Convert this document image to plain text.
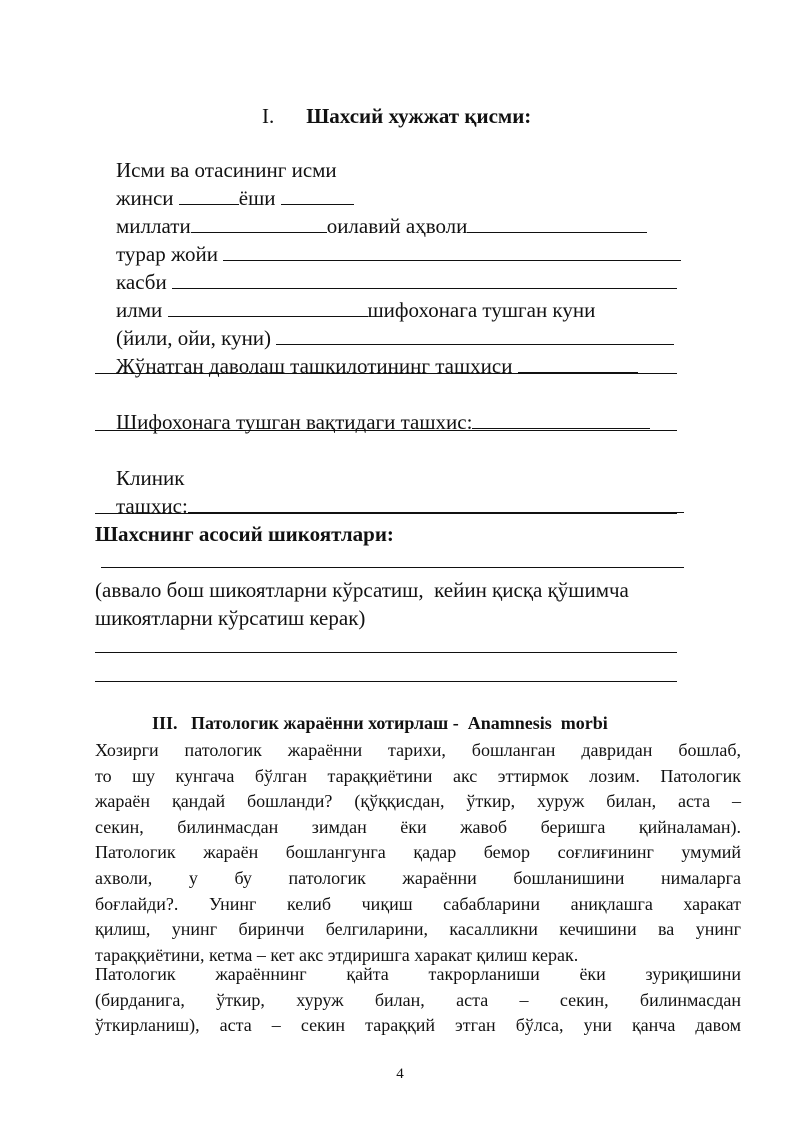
I. Шахсий хужжат қисми:

Исми ва отасининг исми

жинси	ёши

миллати	оилавий аҳволи

турар жойи

касби

илми	шифохонага тушган куни

(йили, ойи, куни)

Жўнатган даволаш ташкилотининг ташхиси

Шифохонага тушган вақтидаги ташхис:

Клиник

ташхис:

Шахснинг асосий шикоятлари:
(аввало бош шикоятларни кўрсатиш,  кейин қисқа қўшимча
шикоятларни кўрсатиш керак)
III.   Патологик жараённи хотирлаш -  Anamnesis  morbi
Хозирги патологик жараённи тарихи, бошланган давридан бошлаб,
то шу кунгача бўлган тараққиётини акс эттирмок лозим. Патологик
жараён қандай бошланди? (қўққисдан, ўткир, хуруж билан, аста –
секин, билинмасдан зимдан ёки жавоб беришга қийналаман).
Патологик жараён бошлангунга қадар бемор соғлиғининг умумий
ахволи, у бу патологик жараённи бошланишини нималарга
боғлайди?. Унинг келиб чиқиш сабабларини аниқлашга харакат
қилиш, унинг биринчи белгиларини, касалликни кечишини ва унинг
тараққиётини, кетма – кет акс этдиришга харакат қилиш керак.
Патологик жараённинг қайта такрорланиши ёки зуриқишини
(бирданига, ўткир, хуруж билан, аста – секин, билинмасдан
ўткирланиш), аста – секин тараққий этган бўлса, уни қанча давом
4
